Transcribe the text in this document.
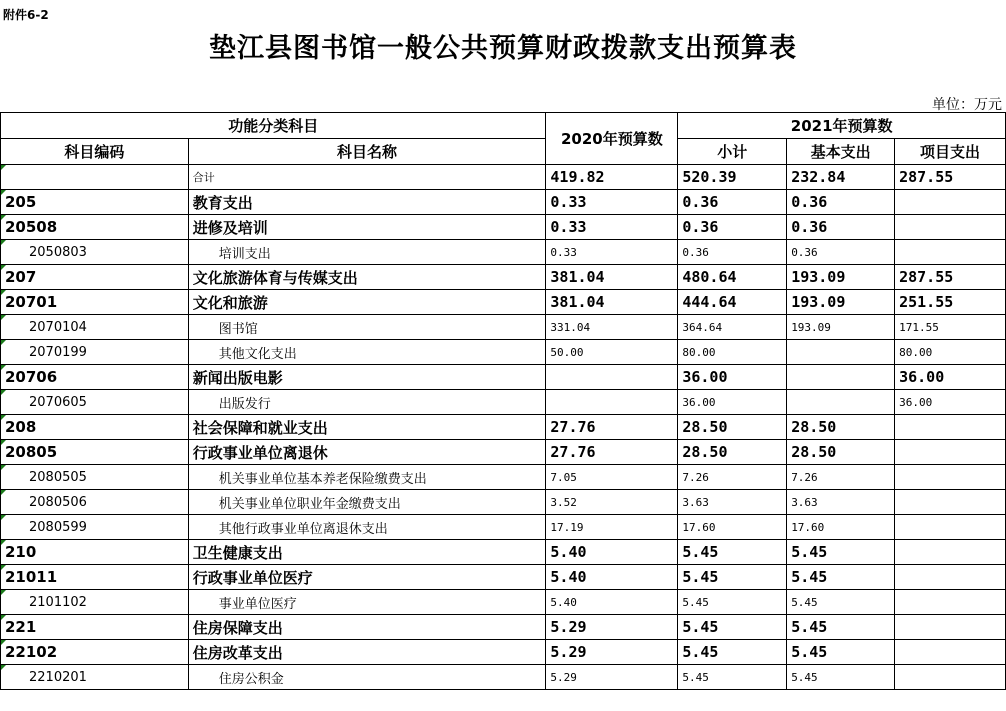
附件6-2
垫江县图书馆一般公共预算财政拨款支出预算表
单位：万元
功能分类科目		2020年预算数	2021年预算数		
科目编码	科目名称		小计	基本支出	项目支出

	合计	419.82	520.39	232.84	287.55

205	教育支出	0.33	0.36	0.36	

20508	进修及培训	0.33	0.36	0.36	

2050803	培训支出	0.33	0.36	0.36	

207	文化旅游体育与传媒支出	381.04	480.64	193.09	287.55

20701	文化和旅游	381.04	444.64	193.09	251.55

2070104	图书馆	331.04	364.64	193.09	171.55

2070199	其他文化支出	50.00	80.00		80.00

20706	新闻出版电影		36.00		36.00

2070605	出版发行		36.00		36.00

208	社会保障和就业支出	27.76	28.50	28.50	

20805	行政事业单位离退休	27.76	28.50	28.50	

2080505	机关事业单位基本养老保险缴费支出	7.05	7.26	7.26	

2080506	机关事业单位职业年金缴费支出	3.52	3.63	3.63	

2080599	其他行政事业单位离退休支出	17.19	17.60	17.60	

210	卫生健康支出	5.40	5.45	5.45	

21011	行政事业单位医疗	5.40	5.45	5.45	

2101102	事业单位医疗	5.40	5.45	5.45	

221	住房保障支出	5.29	5.45	5.45	

22102	住房改革支出	5.29	5.45	5.45	

2210201	住房公积金	5.29	5.45	5.45	
